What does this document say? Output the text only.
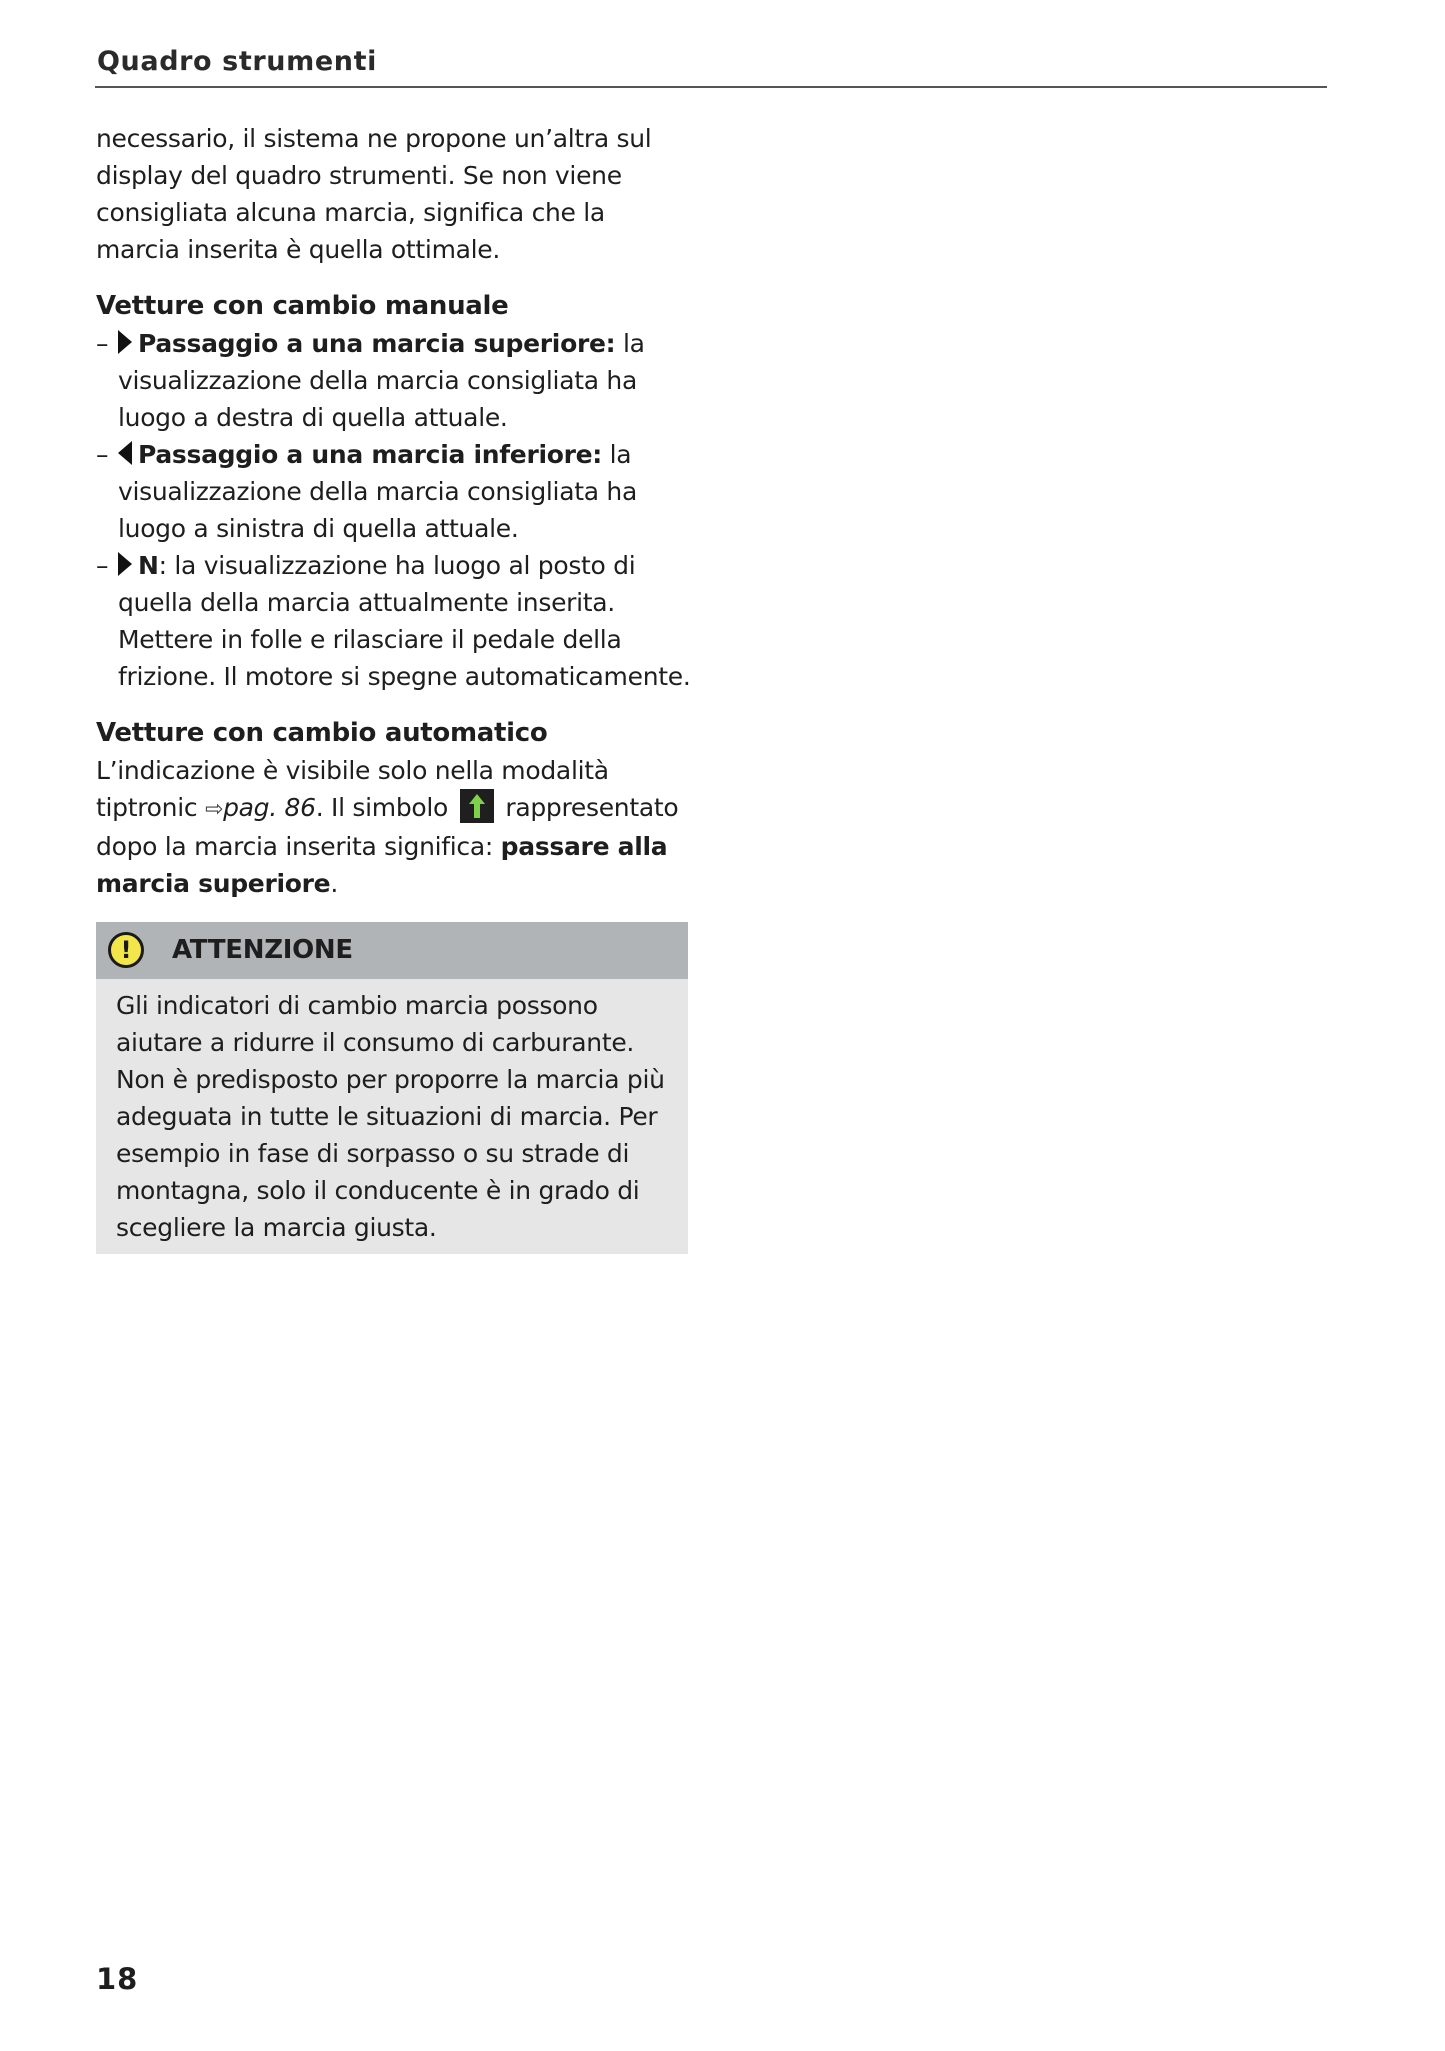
Quadro strumenti

necessario, il sistema ne propone un’altra sul display del quadro strumenti. Se non viene consigliata alcuna marcia, significa che la marcia inserita è quella ottimale.

Vetture con cambio manuale

– Passaggio a una marcia superiore: la visualizzazione della marcia consigliata ha luogo a destra di quella attuale.
– Passaggio a una marcia inferiore: la visualizzazione della marcia consigliata ha luogo a sinistra di quella attuale.
– N: la visualizzazione ha luogo al posto di quella della marcia attualmente inserita. Mettere in folle e rilasciare il pedale della frizione. Il motore si spegne automaticamente.

Vetture con cambio automatico

L’indicazione è visibile solo nella modalità tiptronic ⇨pag. 86. Il simbolo
rappresentato dopo la marcia inserita significa: passare alla marcia superiore.

!	ATTENZIONE
Gli indicatori di cambio marcia possono aiutare a ridurre il consumo di carburante. Non è predisposto per proporre la marcia più adeguata in tutte le situazioni di marcia. Per esempio in fase di sorpasso o su strade di montagna, solo il conducente è in grado di scegliere la marcia giusta.
18
